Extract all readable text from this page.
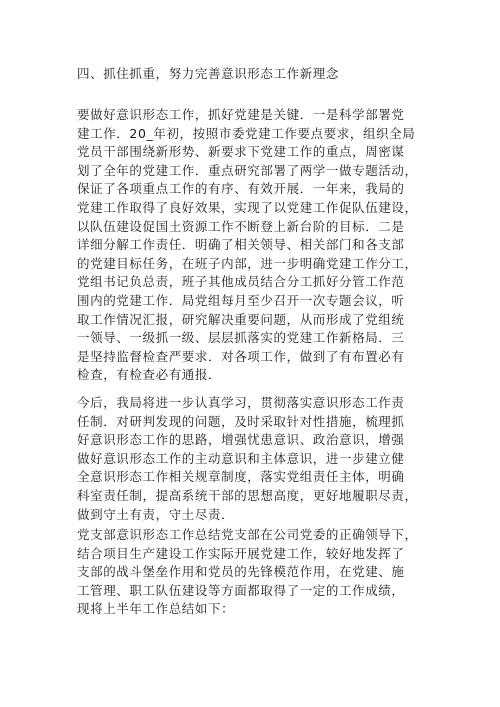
四、抓住抓重，努力完善意识形态工作新理念
要做好意识形态工作，抓好党建是关键．一是科学部署党
建工作．20_年初，按照市委党建工作要点要求，组织全局
党员干部围绕新形势、新要求下党建工作的重点，周密谋
划了全年的党建工作．重点研究部署了两学一做专题活动，
保证了各项重点工作的有序、有效开展．一年来，我局的
党建工作取得了良好效果，实现了以党建工作促队伍建设，
以队伍建设促国土资源工作不断登上新台阶的目标．二是
详细分解工作责任．明确了相关领导、相关部门和各支部
的党建目标任务，在班子内部，进一步明确党建工作分工，
党组书记负总责，班子其他成员结合分工抓好分管工作范
围内的党建工作．局党组每月至少召开一次专题会议，听
取工作情况汇报，研究解决重要问题，从而形成了党组统
一领导、一级抓一级、层层抓落实的党建工作新格局．三
是坚持监督检查严要求．对各项工作，做到了有布置必有
检查，有检查必有通报．
今后，我局将进一步认真学习，贯彻落实意识形态工作责
任制．对研判发现的问题，及时采取针对性措施，梳理抓
好意识形态工作的思路，增强忧患意识、政治意识，增强
做好意识形态工作的主动意识和主体意识，进一步建立健
全意识形态工作相关规章制度，落实党组责任主体，明确
科室责任制，提高系统干部的思想高度，更好地履职尽责，
做到守土有责，守土尽责．
党支部意识形态工作总结党支部在公司党委的正确领导下，
结合项目生产建设工作实际开展党建工作，较好地发挥了
支部的战斗堡垒作用和党员的先锋模范作用，在党建、施
工管理、职工队伍建设等方面都取得了一定的工作成绩，
现将上半年工作总结如下：
